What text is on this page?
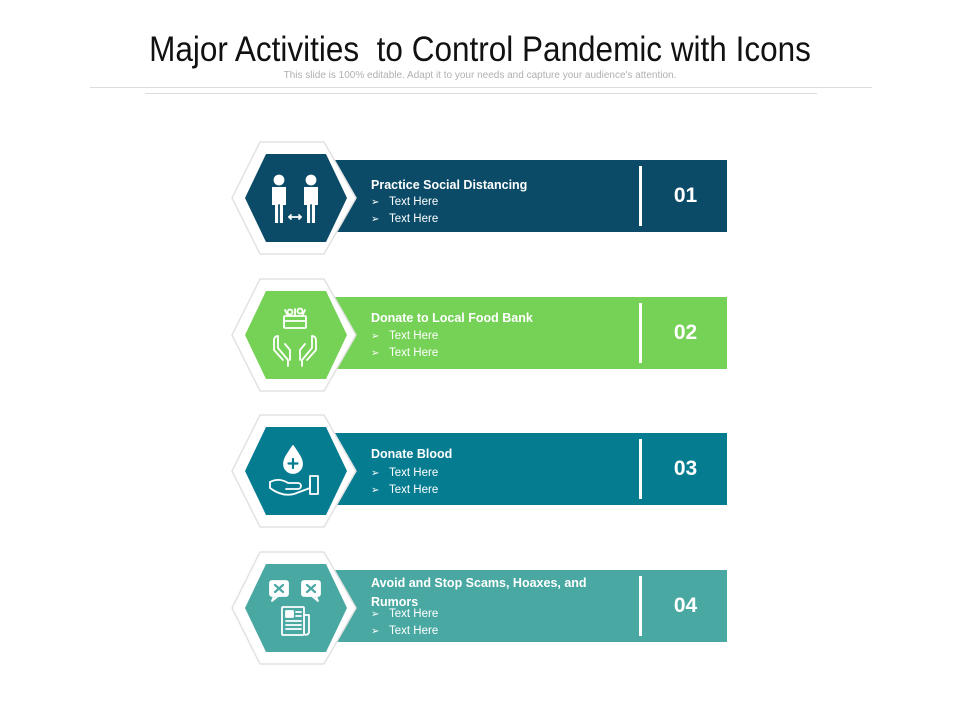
Major Activities  to Control Pandemic with Icons
This slide is 100% editable. Adapt it to your needs and capture your audience's attention.
Practice Social Distancing
➢ Text Here
➢ Text Here
01
Donate to Local Food Bank
➢ Text Here
➢ Text Here
02
Donate Blood
➢ Text Here
➢ Text Here
03
Avoid and Stop Scams, Hoaxes, and Rumors
➢ Text Here
➢ Text Here
04
